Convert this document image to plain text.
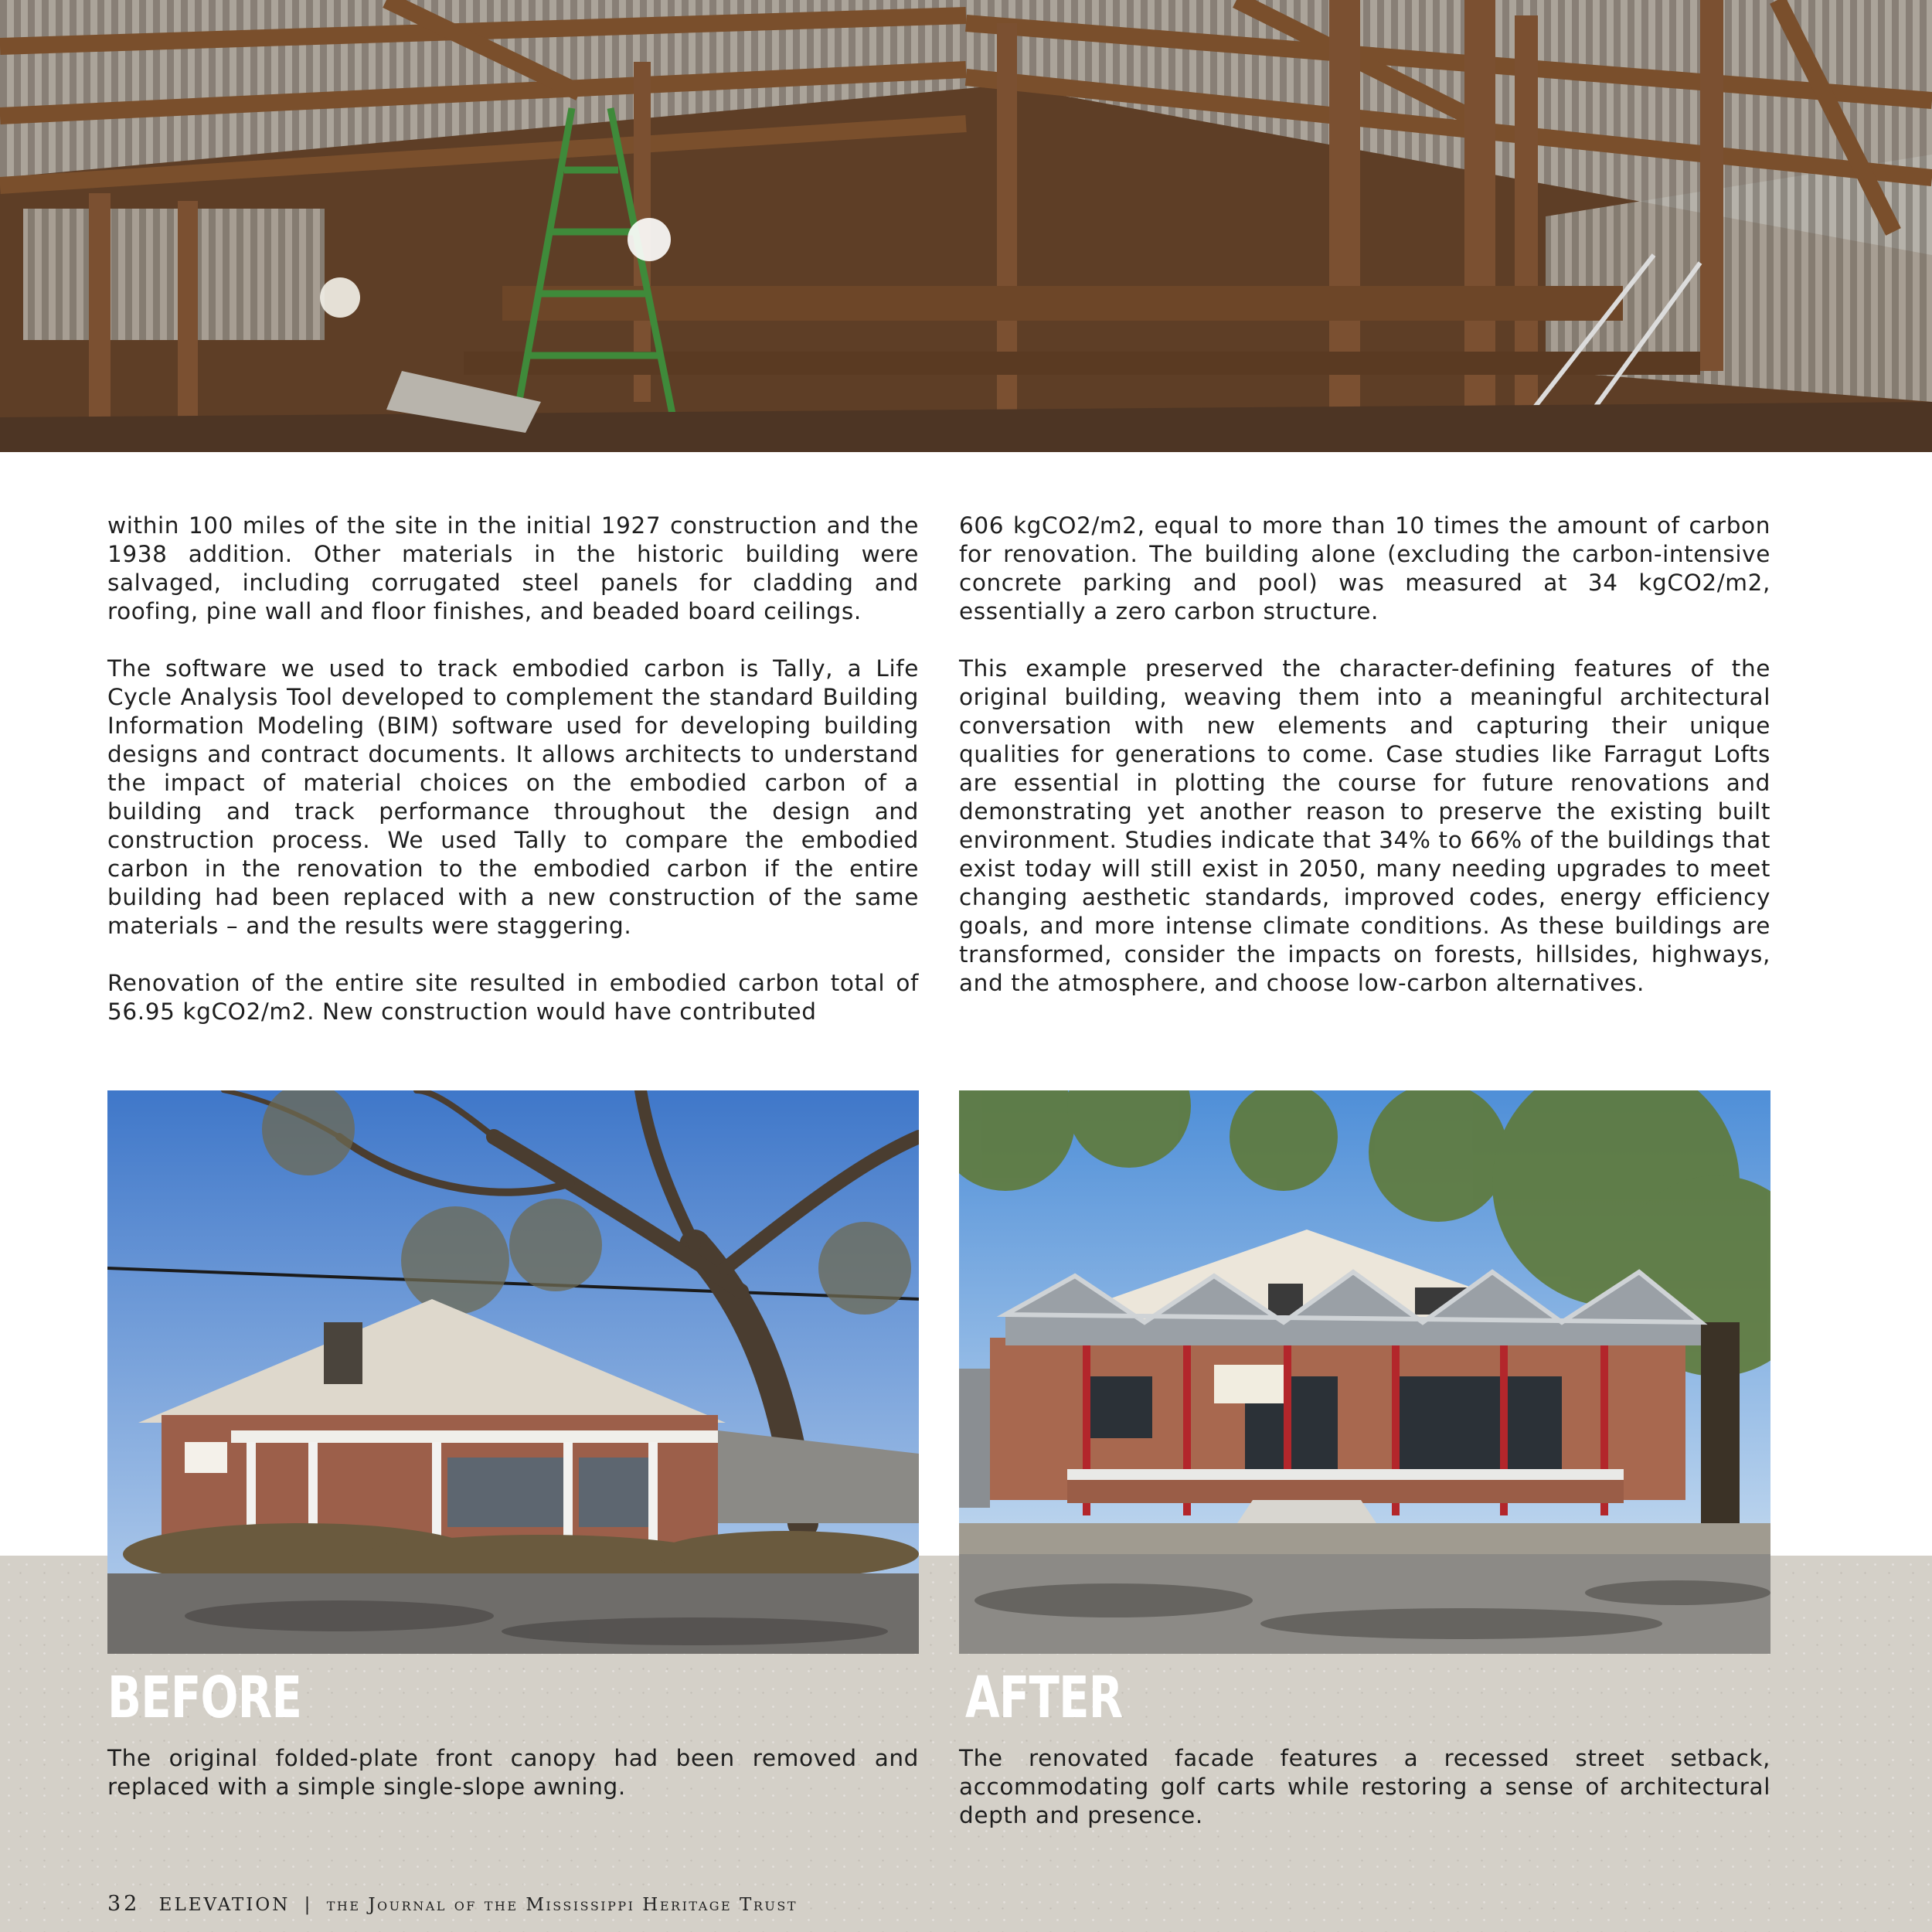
within 100 miles of the site in the initial 1927 construction and the 1938 addition. Other materials in the historic building were salvaged, including corrugated steel panels for cladding and roofing, pine wall and floor finishes, and beaded board ceilings.

The software we used to track embodied carbon is Tally, a Life Cycle Analysis Tool developed to complement the standard Building Information Modeling (BIM) software used for developing building designs and contract documents. It allows architects to understand the impact of material choices on the embodied carbon of a building and track performance throughout the design and construction process. We used Tally to compare the embodied carbon in the renovation to the embodied carbon if the entire building had been replaced with a new construction of the same materials – and the results were staggering.

Renovation of the entire site resulted in embodied carbon total of 56.95 kgCO2/m2. New construction would have contributed

606 kgCO2/m2, equal to more than 10 times the amount of carbon for renovation. The building alone (excluding the carbon-intensive concrete parking and pool) was measured at 34 kgCO2/m2, essentially a zero carbon structure.

This example preserved the character-defining features of the original building, weaving them into a meaningful architectural conversation with new elements and capturing their unique qualities for generations to come. Case studies like Farragut Lofts are essential in plotting the course for future renovations and demonstrating yet another reason to preserve the existing built environment. Studies indicate that 34% to 66% of the buildings that exist today will still exist in 2050, many needing upgrades to meet changing aesthetic standards, improved codes, energy efficiency goals, and more intense climate conditions. As these buildings are transformed, consider the impacts on forests, hillsides, highways, and the atmosphere, and choose low-carbon alternatives.

BEFORE	AFTER

The original folded-plate front canopy had been removed and replaced with a simple single-slope awning.

The renovated facade features a recessed street setback, accommodating golf carts while restoring a sense of architectural depth and presence.

32 ELEVATION | the Journal of the Mississippi Heritage Trust
